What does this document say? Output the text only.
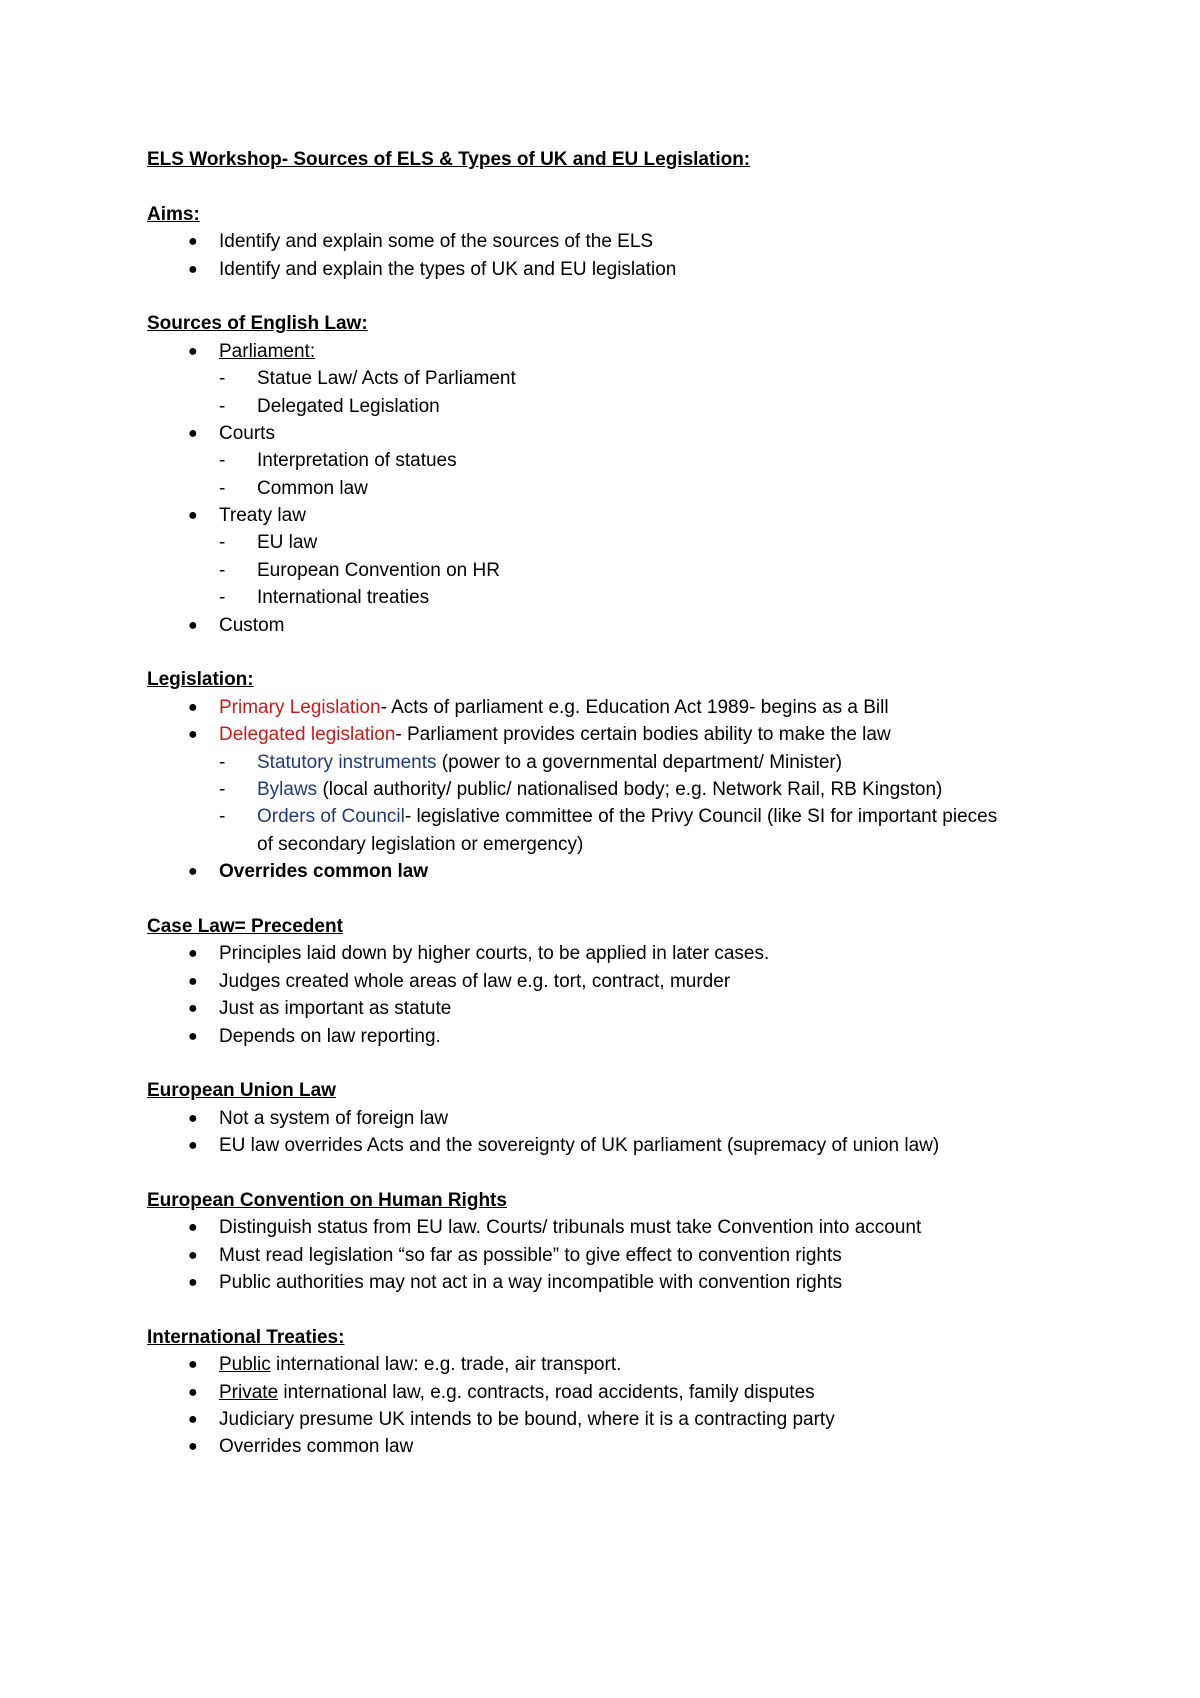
ELS Workshop- Sources of ELS & Types of UK and EU Legislation:
Aims:
● Identify and explain some of the sources of the ELS
● Identify and explain the types of UK and EU legislation
Sources of English Law:
● Parliament:
- Statue Law/ Acts of Parliament
- Delegated Legislation
● Courts
- Interpretation of statues
- Common law
● Treaty law
- EU law
- European Convention on HR
- International treaties
● Custom
Legislation:
● Primary Legislation- Acts of parliament e.g. Education Act 1989- begins as a Bill
● Delegated legislation- Parliament provides certain bodies ability to make the law
- Statutory instruments (power to a governmental department/ Minister)
- Bylaws (local authority/ public/ nationalised body; e.g. Network Rail, RB Kingston)
- Orders of Council- legislative committee of the Privy Council (like SI for important pieces
of secondary legislation or emergency)
● Overrides common law
Case Law= Precedent
● Principles laid down by higher courts, to be applied in later cases.
● Judges created whole areas of law e.g. tort, contract, murder
● Just as important as statute
● Depends on law reporting.
European Union Law
● Not a system of foreign law
● EU law overrides Acts and the sovereignty of UK parliament (supremacy of union law)
European Convention on Human Rights
● Distinguish status from EU law. Courts/ tribunals must take Convention into account
● Must read legislation “so far as possible” to give effect to convention rights
● Public authorities may not act in a way incompatible with convention rights
International Treaties:
● Public international law: e.g. trade, air transport.
● Private international law, e.g. contracts, road accidents, family disputes
● Judiciary presume UK intends to be bound, where it is a contracting party
● Overrides common law
